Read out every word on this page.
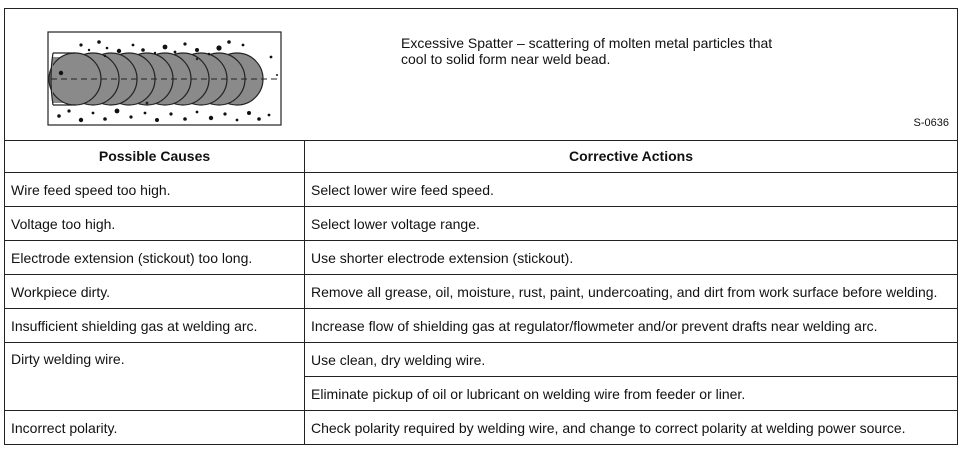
Excessive Spatter – scattering of molten metal particles that
cool to solid form near weld bead.
S-0636
Possible Causes	Corrective Actions
Wire feed speed too high.	Select lower wire feed speed.
Voltage too high.	Select lower voltage range.
Electrode extension (stickout) too long.	Use shorter electrode extension (stickout).
Workpiece dirty.	Remove all grease, oil, moisture, rust, paint, undercoating, and dirt from work surface before welding.
Insufficient shielding gas at welding arc.	Increase flow of shielding gas at regulator/flowmeter and/or prevent drafts near welding arc.
Dirty welding wire.	Use clean, dry welding wire.
	Eliminate pickup of oil or lubricant on welding wire from feeder or liner.
Incorrect polarity.	Check polarity required by welding wire, and change to correct polarity at welding power source.
